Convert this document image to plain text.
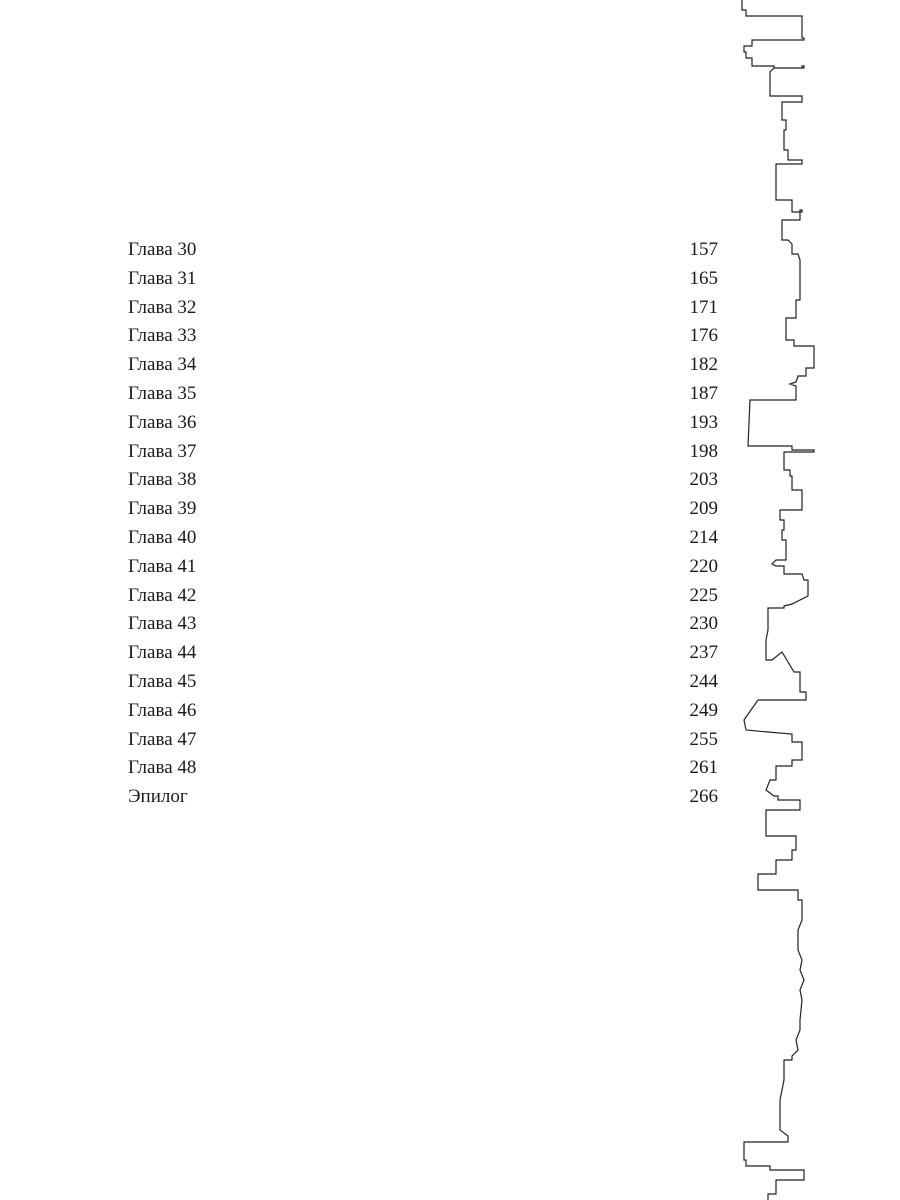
Глава 30	157
Глава 31	165
Глава 32	171
Глава 33	176
Глава 34	182
Глава 35	187
Глава 36	193
Глава 37	198
Глава 38	203
Глава 39	209
Глава 40	214
Глава 41	220
Глава 42	225
Глава 43	230
Глава 44	237
Глава 45	244
Глава 46	249
Глава 47	255
Глава 48	261
Эпилог	266
